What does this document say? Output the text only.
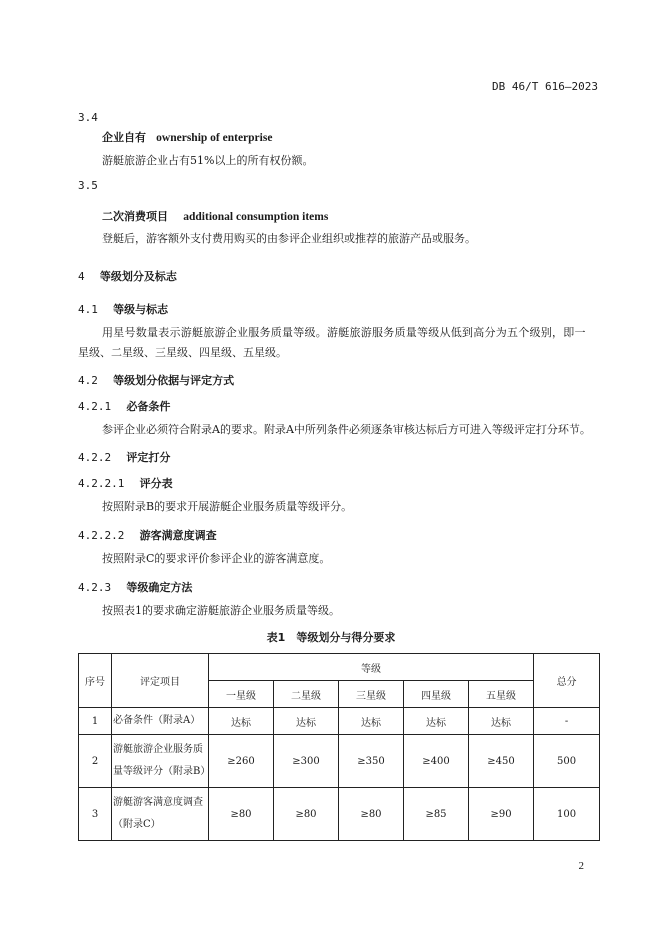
DB 46/T 616—2023
3.4
企业自有 ownership of enterprise
游艇旅游企业占有51%以上的所有权份额。
3.5
二次消费项目 additional consumption items
登艇后，游客额外支付费用购买的由参评企业组织或推荐的旅游产品或服务。
4 等级划分及标志
4.1 等级与标志
用星号数量表示游艇旅游企业服务质量等级。游艇旅游服务质量等级从低到高分为五个级别，即一
星级、二星级、三星级、四星级、五星级。
4.2 等级划分依据与评定方式
4.2.1 必备条件
参评企业必须符合附录A的要求。附录A中所列条件必须逐条审核达标后方可进入等级评定打分环节。
4.2.2 评定打分
4.2.2.1 评分表
按照附录B的要求开展游艇企业服务质量等级评分。
4.2.2.2 游客满意度调查
按照附录C的要求评价参评企业的游客满意度。
4.2.3 等级确定方法
按照表1的要求确定游艇旅游企业服务质量等级。
表1　等级划分与得分要求
序号	评定项目	等级					总分
		一星级	二星级	三星级	四星级	五星级	
1	必备条件（附录A）	达标	达标	达标	达标	达标	-
2	游艇旅游企业服务质
量等级评分（附录B）	≥260	≥300	≥350	≥400	≥450	500
3	游艇游客满意度调查
（附录C）	≥80	≥80	≥80	≥85	≥90	100
2
